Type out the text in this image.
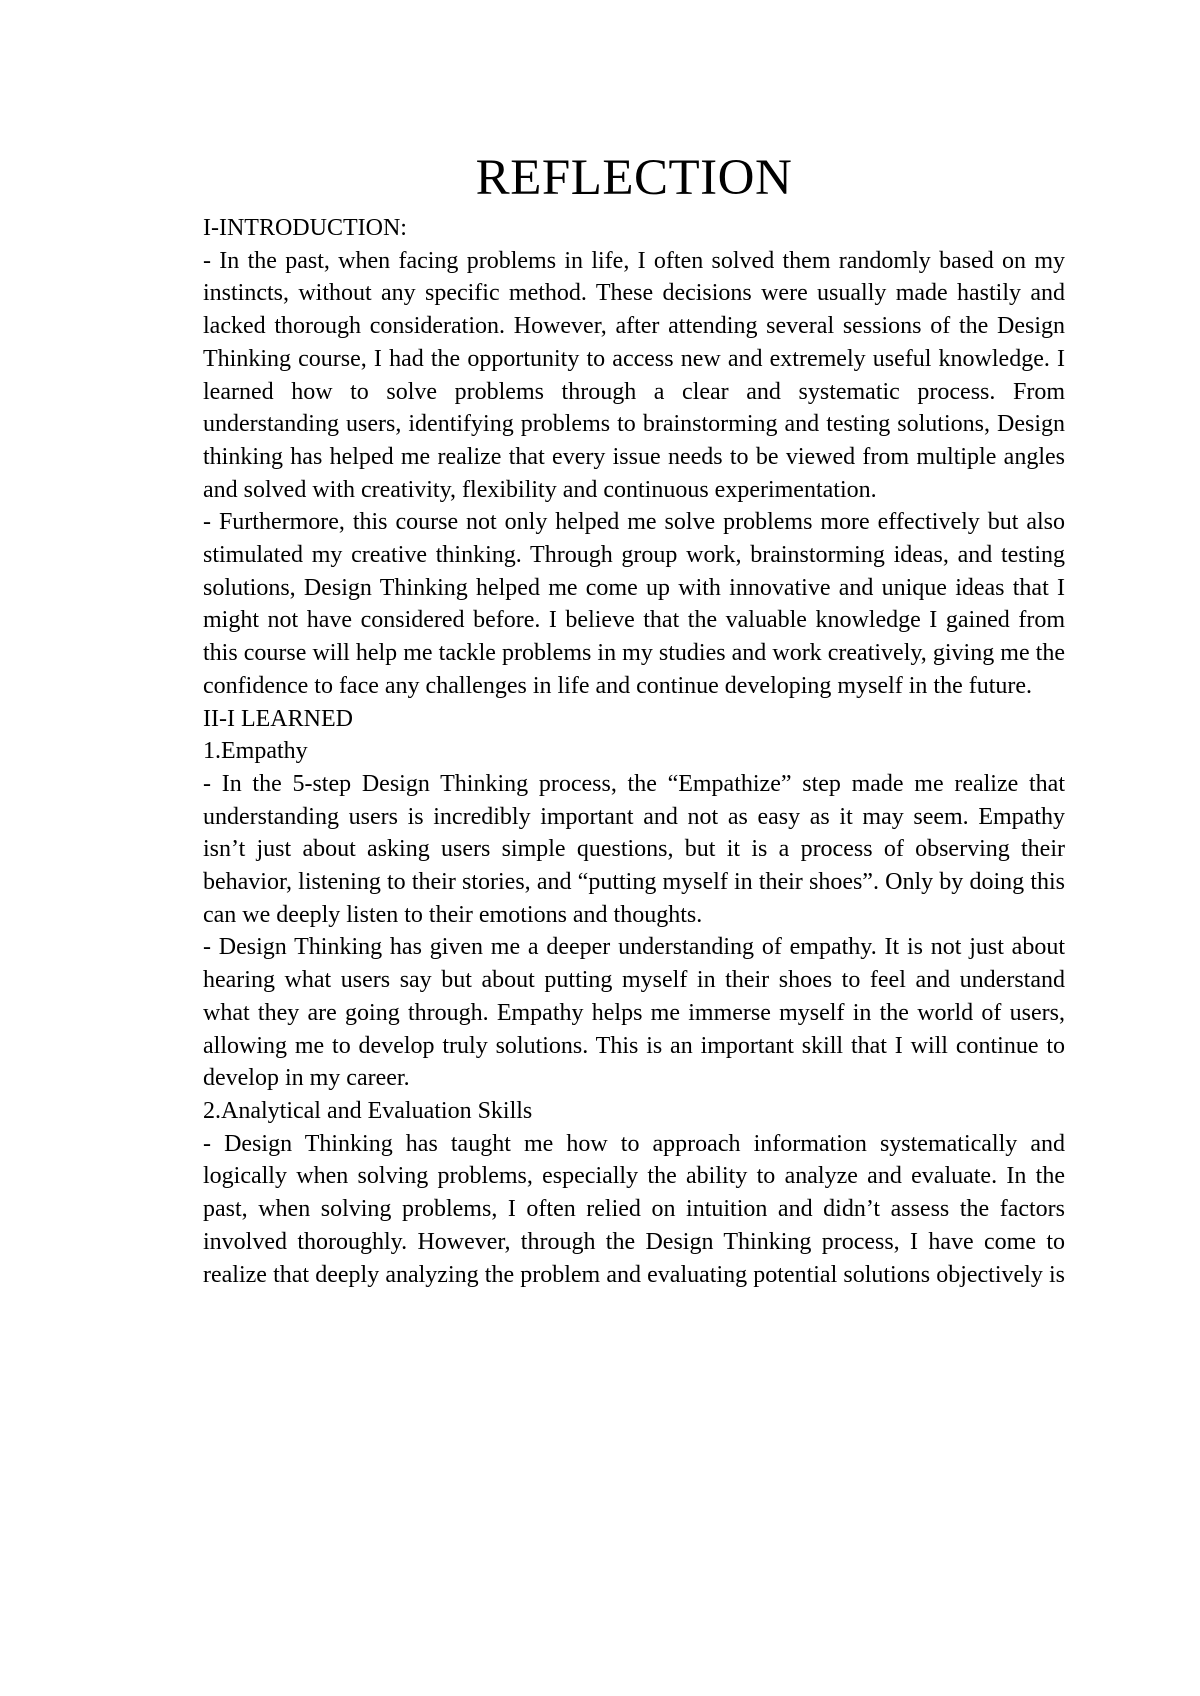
REFLECTION

I-INTRODUCTION:

- In the past, when facing problems in life, I often solved them randomly based on my instincts, without any specific method. These decisions were usually made hastily and lacked thorough consideration. However, after attending several sessions of the Design Thinking course, I had the opportunity to access new and extremely useful knowledge. I learned how to solve problems through a clear and systematic process. From understanding users, identifying problems to brainstorming and testing solutions, Design thinking has helped me realize that every issue needs to be viewed from multiple angles and solved with creativity, flexibility and continuous experimentation.

- Furthermore, this course not only helped me solve problems more effectively but also stimulated my creative thinking. Through group work, brainstorming ideas, and testing solutions, Design Thinking helped me come up with innovative and unique ideas that I might not have considered before. I believe that the valuable knowledge I gained from this course will help me tackle problems in my studies and work creatively, giving me the confidence to face any challenges in life and continue developing myself in the future.

II-I LEARNED

1.Empathy

- In the 5-step Design Thinking process, the “Empathize” step made me realize that understanding users is incredibly important and not as easy as it may seem. Empathy isn’t just about asking users simple questions, but it is a process of observing their behavior, listening to their stories, and “putting myself in their shoes”. Only by doing this can we deeply listen to their emotions and thoughts.

- Design Thinking has given me a deeper understanding of empathy. It is not just about hearing what users say but about putting myself in their shoes to feel and understand what they are going through. Empathy helps me immerse myself in the world of users, allowing me to develop truly solutions. This is an important skill that I will continue to develop in my career.

2.Analytical and Evaluation Skills

- Design Thinking has taught me how to approach information systematically and logically when solving problems, especially the ability to analyze and evaluate. In the past, when solving problems, I often relied on intuition and didn’t assess the factors involved thoroughly. However, through the Design Thinking process, I have come to realize that deeply analyzing the problem and evaluating potential solutions objectively is
